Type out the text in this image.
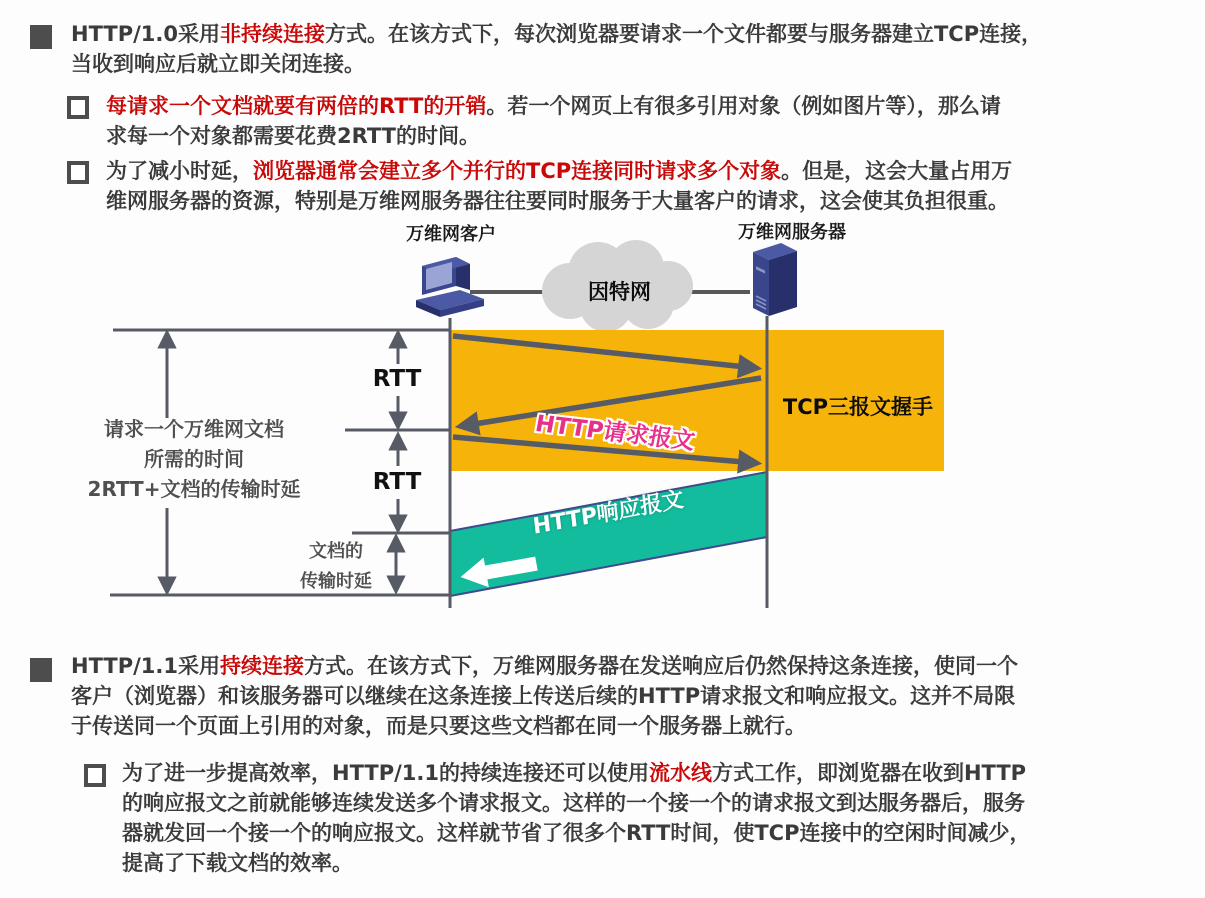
HTTP/1.0采用非持续连接方式。在该方式下，每次浏览器要请求一个文件都要与服务器建立TCP连接，
当收到响应后就立即关闭连接。
每请求一个文档就要有两倍的RTT的开销。若一个网页上有很多引用对象（例如图片等），那么请
求每一个对象都需要花费2RTT的时间。
为了减小时延，浏览器通常会建立多个并行的TCP连接同时请求多个对象。但是，这会大量占用万
维网服务器的资源，特别是万维网服务器往往要同时服务于大量客户的请求，这会使其负担很重。
万维网客户	万维网服务器
因特网
RTT
RTT
TCP三报文握手
HTTP请求报文
HTTP响应报文
请求一个万维网文档
所需的时间
2RTT+文档的传输时延
文档的
传输时延
HTTP/1.1采用持续连接方式。在该方式下，万维网服务器在发送响应后仍然保持这条连接，使同一个
客户（浏览器）和该服务器可以继续在这条连接上传送后续的HTTP请求报文和响应报文。这并不局限
于传送同一个页面上引用的对象，而是只要这些文档都在同一个服务器上就行。
为了进一步提高效率，HTTP/1.1的持续连接还可以使用流水线方式工作，即浏览器在收到HTTP
的响应报文之前就能够连续发送多个请求报文。这样的一个接一个的请求报文到达服务器后，服务
器就发回一个接一个的响应报文。这样就节省了很多个RTT时间，使TCP连接中的空闲时间减少，
提高了下载文档的效率。
